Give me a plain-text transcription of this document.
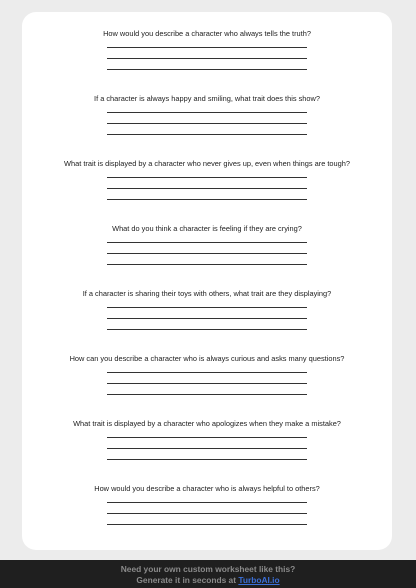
How would you describe a character who always tells the truth?
If a character is always happy and smiling, what trait does this show?
What trait is displayed by a character who never gives up, even when things are tough?
What do you think a character is feeling if they are crying?
If a character is sharing their toys with others, what trait are they displaying?
How can you describe a character who is always curious and asks many questions?
What trait is displayed by a character who apologizes when they make a mistake?
How would you describe a character who is always helpful to others?
Need your own custom worksheet like this?
Generate it in seconds at TurboAI.io
